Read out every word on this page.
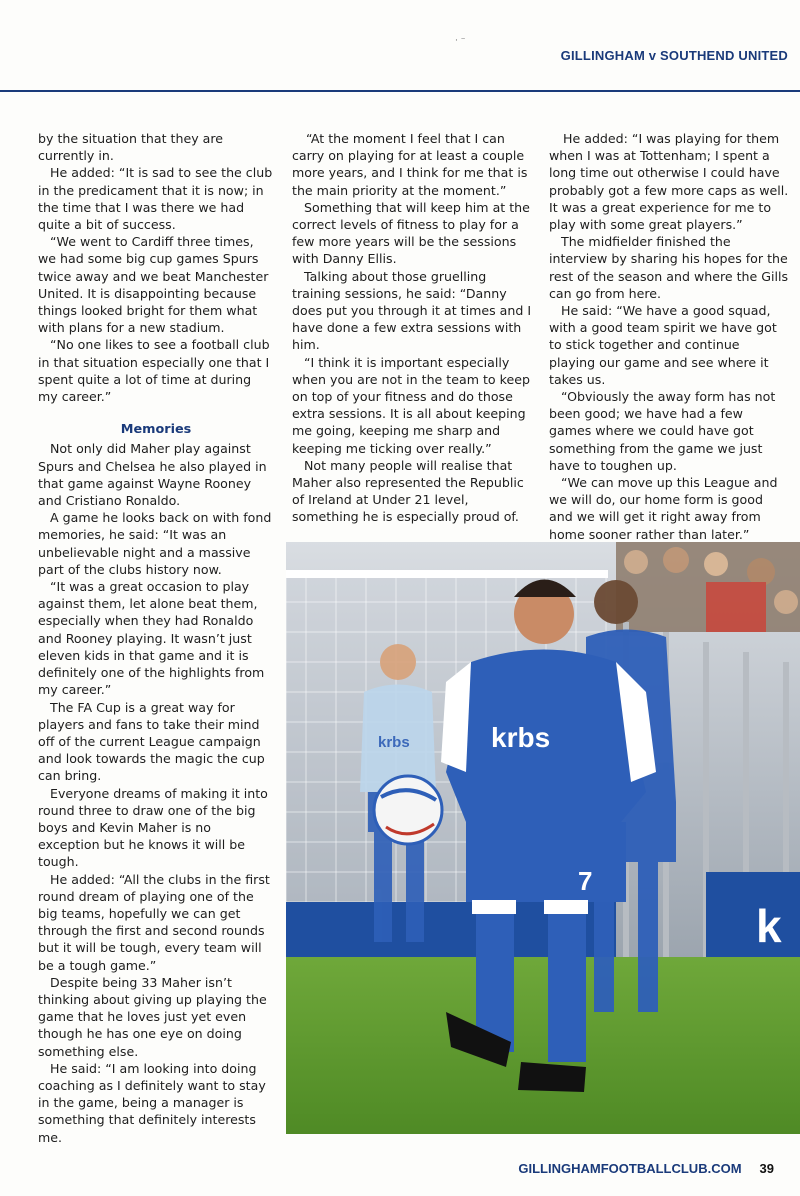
· ⁻
GILLINGHAM v SOUTHEND UNITED

by the situation that they are currently in.

He added: “It is sad to see the club in the predicament that it is now; in the time that I was there we had quite a bit of success.

“We went to Cardiff three times, we had some big cup games Spurs twice away and we beat Manchester United. It is disappointing because things looked bright for them what with plans for a new stadium.

“No one likes to see a football club in that situation especially one that I spent quite a lot of time at during my career.”

Memories

Not only did Maher play against Spurs and Chelsea he also played in that game against Wayne Rooney and Cristiano Ronaldo.

A game he looks back on with fond memories, he said: “It was an unbelievable night and a massive part of the clubs history now.

“It was a great occasion to play against them, let alone beat them, especially when they had Ronaldo and Rooney playing. It wasn’t just eleven kids in that game and it is definitely one of the highlights from my career.”

The FA Cup is a great way for players and fans to take their mind off of the current League campaign and look towards the magic the cup can bring.

Everyone dreams of making it into round three to draw one of the big boys and Kevin Maher is no exception but he knows it will be tough.

He added: “All the clubs in the first round dream of playing one of the big teams, hopefully we can get through the first and second rounds but it will be tough, every team will be a tough game.”

Despite being 33 Maher isn’t thinking about giving up playing the game that he loves just yet even though he has one eye on doing something else.

He said: “I am looking into doing coaching as I definitely want to stay in the game, being a manager is something that definitely interests me.

“At the moment I feel that I can carry on playing for at least a couple more years, and I think for me that is the main priority at the moment.”

Something that will keep him at the correct levels of fitness to play for a few more years will be the sessions with Danny Ellis.

Talking about those gruelling training sessions, he said: “Danny does put you through it at times and I have done a few extra sessions with him.

“I think it is important especially when you are not in the team to keep on top of your fitness and do those extra sessions. It is all about keeping me going, keeping me sharp and keeping me ticking over really.”

Not many people will realise that Maher also represented the Republic of Ireland at Under 21 level, something he is especially proud of.

He added: “I was playing for them when I was at Tottenham; I spent a long time out otherwise I could have probably got a few more caps as well. It was a great experience for me to play with some great players.”

The midfielder finished the interview by sharing his hopes for the rest of the season and where the Gills can go from here.

He said: “We have a good squad, with a good team spirit we have got to stick together and continue playing our game and see where it takes us.

“Obviously the away form has not been good; we have had a few games where we could have got something from the game we just have to toughen up.

“We can move up this League and we will do, our home form is good and we will get it right away from home sooner rather than later.”

k
krbs	krbs
7
GILLINGHAMFOOTBALLCLUB.COM 39
